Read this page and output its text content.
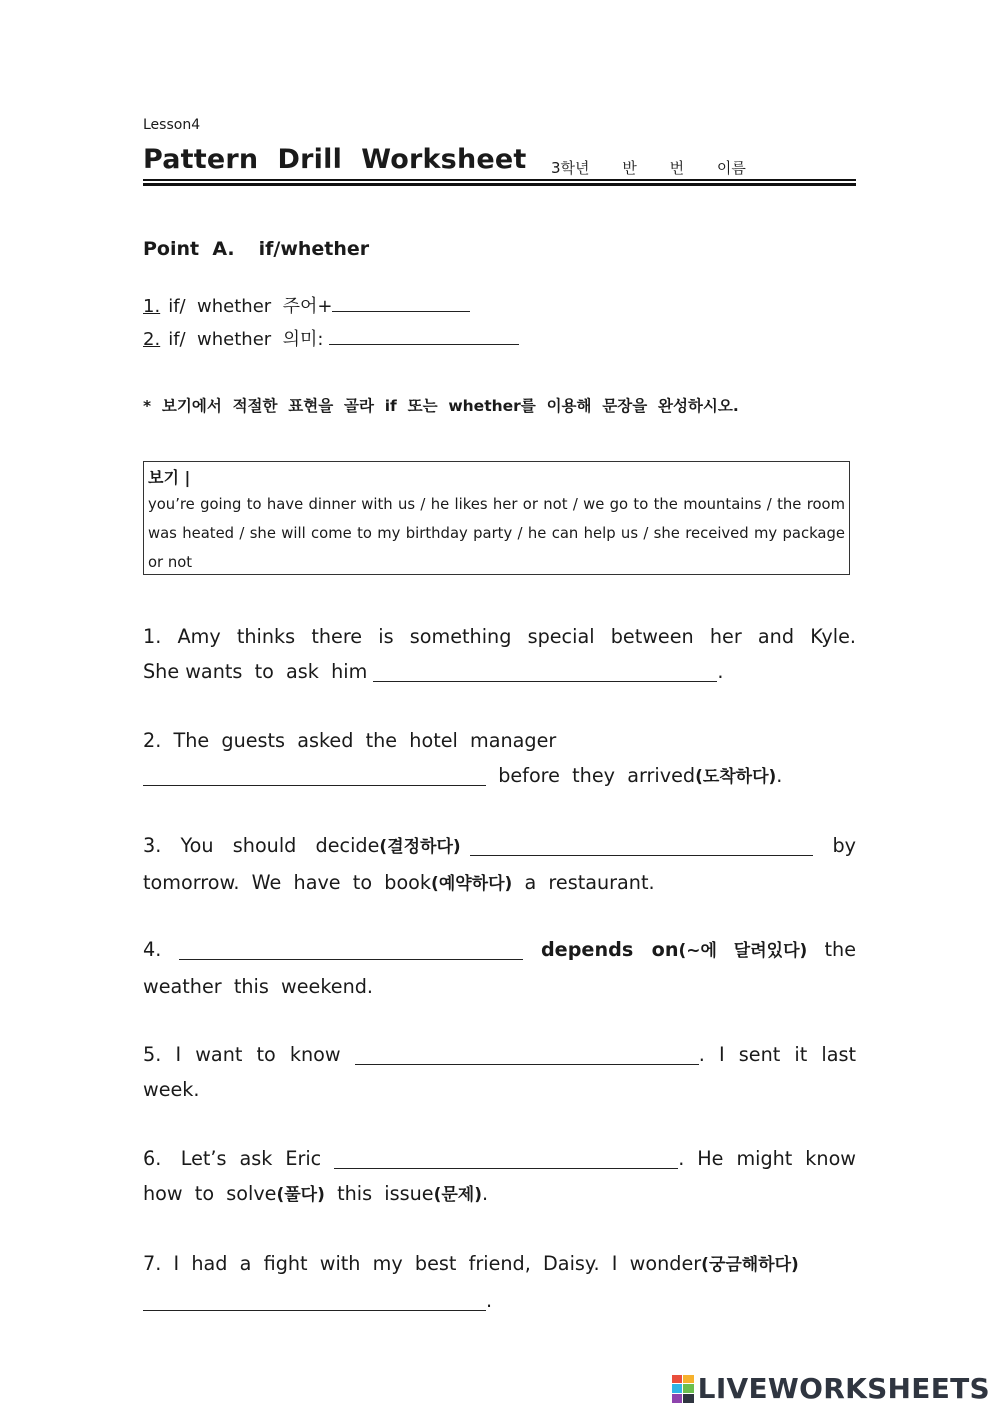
Lesson4
Pattern  Drill  Worksheet 3학년 반 번 이름
Point  A. if/whether
1. if/  whether  주어+
2. if/  whether  의미:
*  보기에서  적절한  표현을  골라  if  또는  whether를  이용해  문장을  완성하시오.
보기 |
you’re going to have dinner with us / he likes her or not / we go to the mountains / the room was heated / she will come to my birthday party / he can help us / she received my package or not
1.  Amy  thinks  there  is  something  special  between  her  and  Kyle.  She wants  to  ask  him	.
2.  The  guests  asked  the  hotel  manager
before  they  arrived(도착하다).
3.  You  should  decide(결정하다)	by tomorrow.  We  have  to  book(예약하다)  a  restaurant.
4.	depends  on(~에  달려있다)  the weather  this  weekend.
5.  I  want  to  know	.  I  sent  it  last week.
6.   Let’s  ask  Eric	.  He  might  know how  to  solve(풀다)  this  issue(문제).
7.  I  had  a  fight  with  my  best  friend,  Daisy.  I  wonder(궁금해하다)
.
LIVEWORKSHEETS
